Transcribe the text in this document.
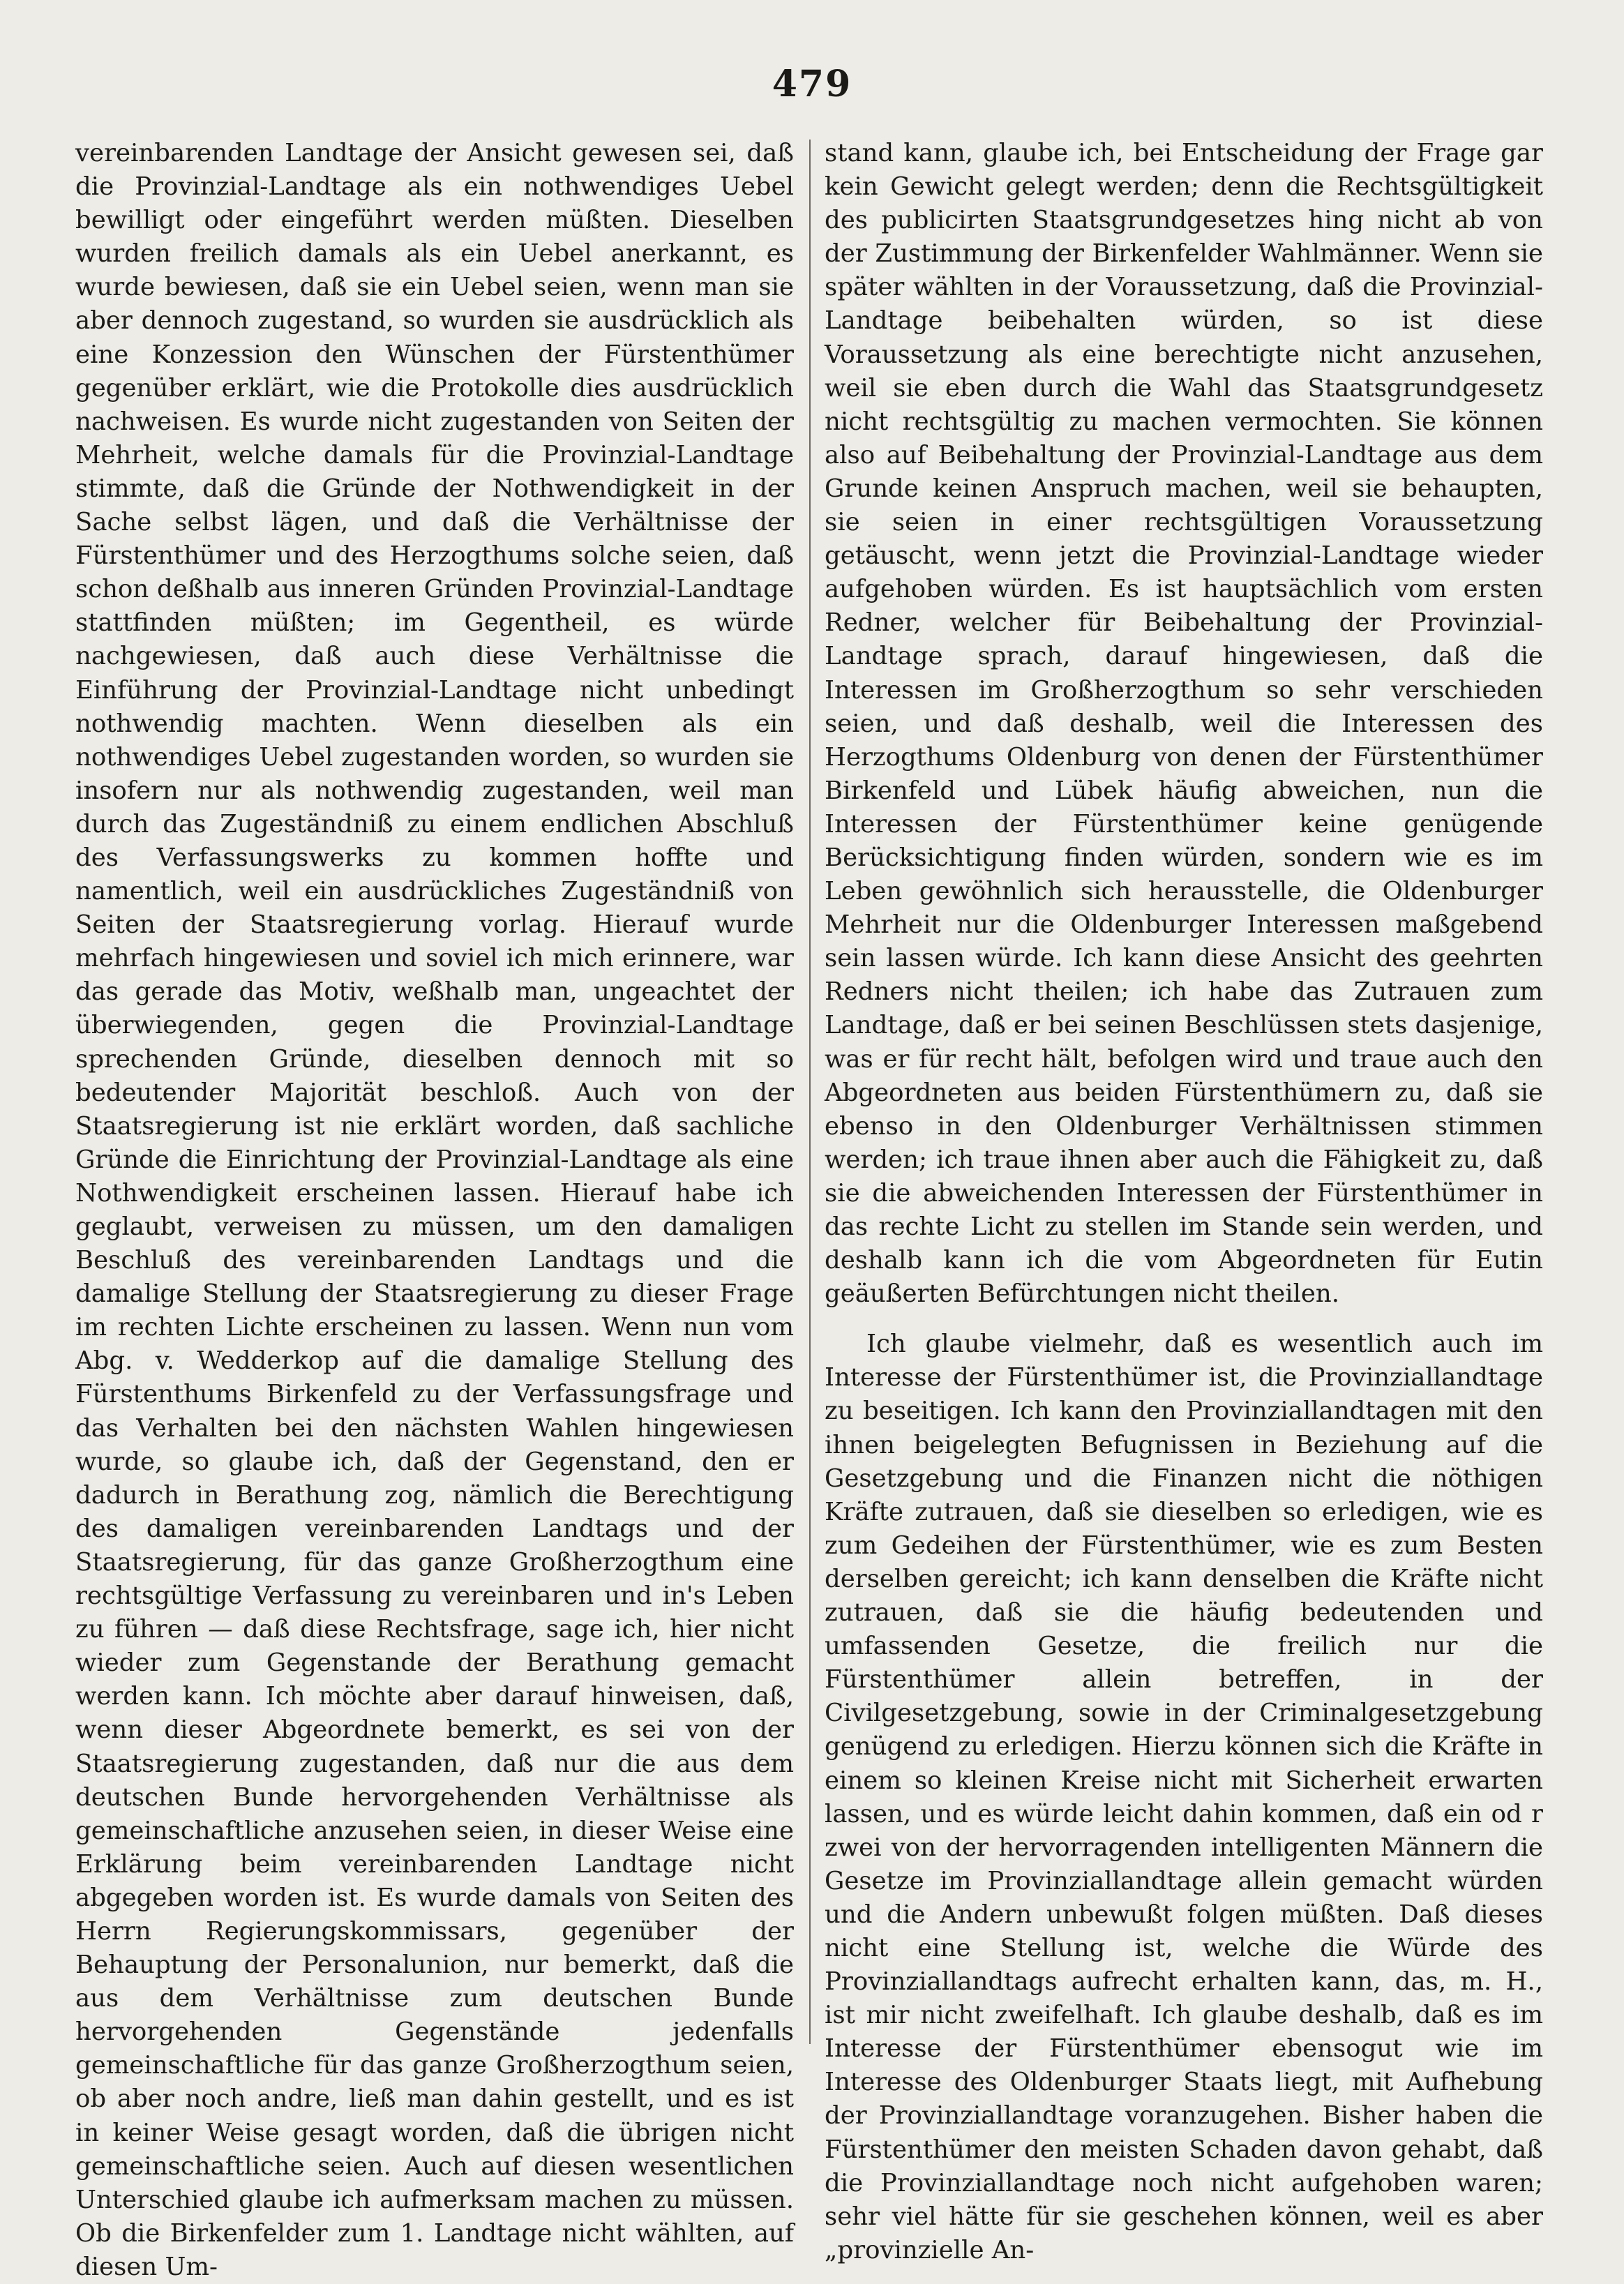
479

vereinbarenden Landtage der Ansicht gewesen sei, daß die Provinzial-Landtage als ein nothwendiges Uebel bewilligt oder eingeführt werden müßten. Dieselben wurden freilich damals als ein Uebel anerkannt, es wurde bewiesen, daß sie ein Uebel seien, wenn man sie aber dennoch zugestand, so wurden sie ausdrücklich als eine Konzession den Wünschen der Fürstenthümer gegenüber erklärt, wie die Protokolle dies ausdrücklich nachweisen. Es wurde nicht zugestanden von Seiten der Mehrheit, welche damals für die Provinzial-Landtage stimmte, daß die Gründe der Nothwendigkeit in der Sache selbst lägen, und daß die Verhältnisse der Fürstenthümer und des Herzogthums solche seien, daß schon deßhalb aus inneren Gründen Provinzial-Landtage stattfinden müßten; im Gegentheil, es würde nachgewiesen, daß auch diese Verhältnisse die Einführung der Provinzial-Landtage nicht unbedingt nothwendig machten. Wenn dieselben als ein nothwendiges Uebel zugestanden worden, so wurden sie insofern nur als nothwendig zugestanden, weil man durch das Zugeständniß zu einem endlichen Abschluß des Verfassungswerks zu kommen hoffte und namentlich, weil ein ausdrückliches Zugeständniß von Seiten der Staatsregierung vorlag. Hierauf wurde mehrfach hingewiesen und soviel ich mich erinnere, war das gerade das Motiv, weßhalb man, ungeachtet der überwiegenden, gegen die Provinzial-Landtage sprechenden Gründe, dieselben dennoch mit so bedeutender Majorität beschloß. Auch von der Staatsregierung ist nie erklärt worden, daß sachliche Gründe die Einrichtung der Provinzial-Landtage als eine Nothwendigkeit erscheinen lassen. Hierauf habe ich geglaubt, verweisen zu müssen, um den damaligen Beschluß des vereinbarenden Landtags und die damalige Stellung der Staatsregierung zu dieser Frage im rechten Lichte erscheinen zu lassen. Wenn nun vom Abg. v. Wedderkop auf die damalige Stellung des Fürstenthums Birkenfeld zu der Verfassungsfrage und das Verhalten bei den nächsten Wahlen hingewiesen wurde, so glaube ich, daß der Gegenstand, den er dadurch in Berathung zog, nämlich die Berechtigung des damaligen vereinbarenden Landtags und der Staatsregierung, für das ganze Großherzogthum eine rechtsgültige Verfassung zu vereinbaren und in's Leben zu führen — daß diese Rechtsfrage, sage ich, hier nicht wieder zum Gegenstande der Berathung gemacht werden kann. Ich möchte aber darauf hinweisen, daß, wenn dieser Abgeordnete bemerkt, es sei von der Staatsregierung zugestanden, daß nur die aus dem deutschen Bunde hervorgehenden Verhältnisse als gemeinschaftliche anzusehen seien, in dieser Weise eine Erklärung beim vereinbarenden Landtage nicht abgegeben worden ist. Es wurde damals von Seiten des Herrn Regierungskommissars, gegenüber der Behauptung der Personalunion, nur bemerkt, daß die aus dem Verhältnisse zum deutschen Bunde hervorgehenden Gegenstände jedenfalls gemeinschaftliche für das ganze Großherzogthum seien, ob aber noch andre, ließ man dahin gestellt, und es ist in keiner Weise gesagt worden, daß die übrigen nicht gemeinschaftliche seien. Auch auf diesen wesentlichen Unterschied glaube ich aufmerksam machen zu müssen. Ob die Birkenfelder zum 1. Landtage nicht wählten, auf diesen Um-

stand kann, glaube ich, bei Entscheidung der Frage gar kein Gewicht gelegt werden; denn die Rechtsgültigkeit des publicirten Staatsgrundgesetzes hing nicht ab von der Zustimmung der Birkenfelder Wahlmänner. Wenn sie später wählten in der Voraussetzung, daß die Provinzial-Landtage beibehalten würden, so ist diese Voraussetzung als eine berechtigte nicht anzusehen, weil sie eben durch die Wahl das Staatsgrundgesetz nicht rechtsgültig zu machen vermochten. Sie können also auf Beibehaltung der Provinzial-Landtage aus dem Grunde keinen Anspruch machen, weil sie behaupten, sie seien in einer rechtsgültigen Voraussetzung getäuscht, wenn jetzt die Provinzial-Landtage wieder aufgehoben würden. Es ist hauptsächlich vom ersten Redner, welcher für Beibehaltung der Provinzial-Landtage sprach, darauf hingewiesen, daß die Interessen im Großherzogthum so sehr verschieden seien, und daß deshalb, weil die Interessen des Herzogthums Oldenburg von denen der Fürstenthümer Birkenfeld und Lübek häufig abweichen, nun die Interessen der Fürstenthümer keine genügende Berücksichtigung finden würden, sondern wie es im Leben gewöhnlich sich herausstelle, die Oldenburger Mehrheit nur die Oldenburger Interessen maßgebend sein lassen würde. Ich kann diese Ansicht des geehrten Redners nicht theilen; ich habe das Zutrauen zum Landtage, daß er bei seinen Beschlüssen stets dasjenige, was er für recht hält, befolgen wird und traue auch den Abgeordneten aus beiden Fürstenthümern zu, daß sie ebenso in den Oldenburger Verhältnissen stimmen werden; ich traue ihnen aber auch die Fähigkeit zu, daß sie die abweichenden Interessen der Fürstenthümer in das rechte Licht zu stellen im Stande sein werden, und deshalb kann ich die vom Abgeordneten für Eutin geäußerten Befürchtungen nicht theilen.

Ich glaube vielmehr, daß es wesentlich auch im Interesse der Fürstenthümer ist, die Provinziallandtage zu beseitigen. Ich kann den Provinziallandtagen mit den ihnen beigelegten Befugnissen in Beziehung auf die Gesetzgebung und die Finanzen nicht die nöthigen Kräfte zutrauen, daß sie dieselben so erledigen, wie es zum Gedeihen der Fürstenthümer, wie es zum Besten derselben gereicht; ich kann denselben die Kräfte nicht zutrauen, daß sie die häufig bedeutenden und umfassenden Gesetze, die freilich nur die Fürstenthümer allein betreffen, in der Civilgesetzgebung, sowie in der Criminalgesetzgebung genügend zu erledigen. Hierzu können sich die Kräfte in einem so kleinen Kreise nicht mit Sicherheit erwarten lassen, und es würde leicht dahin kommen, daß ein od r zwei von der hervorragenden intelligenten Männern die Gesetze im Provinziallandtage allein gemacht würden und die Andern unbewußt folgen müßten. Daß dieses nicht eine Stellung ist, welche die Würde des Provinziallandtags aufrecht erhalten kann, das, m. H., ist mir nicht zweifelhaft. Ich glaube deshalb, daß es im Interesse der Fürstenthümer ebensogut wie im Interesse des Oldenburger Staats liegt, mit Aufhebung der Provinziallandtage voranzugehen. Bisher haben die Fürstenthümer den meisten Schaden davon gehabt, daß die Provinziallandtage noch nicht aufgehoben waren; sehr viel hätte für sie geschehen können, weil es aber „provinzielle An-
